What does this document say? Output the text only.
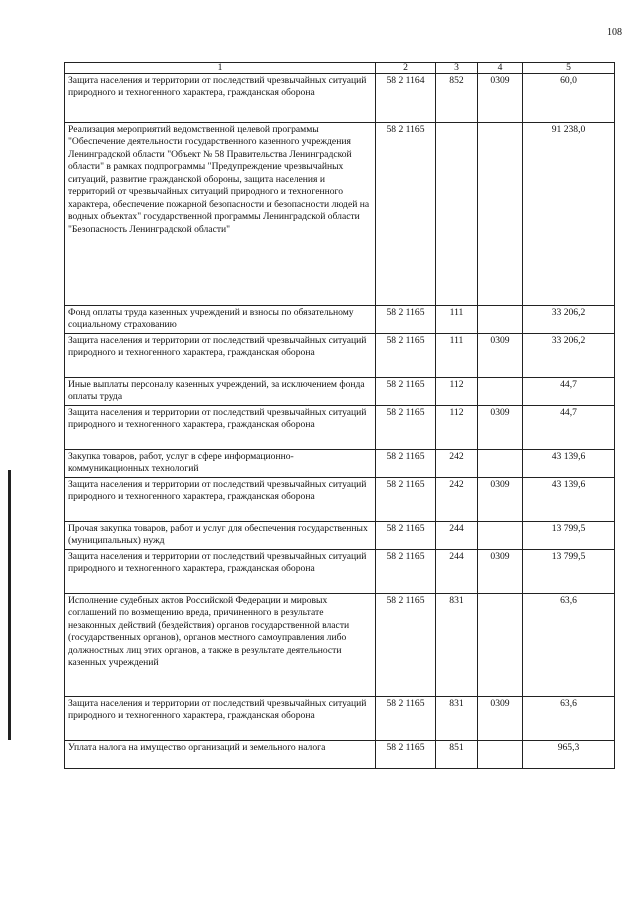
108
1	2	3	4	5
Защита населения и территории от последствий чрезвычайных ситуаций природного и техногенного характера, гражданская оборона	58 2 1164	852	0309	60,0
Реализация мероприятий ведомственной целевой программы "Обеспечение деятельности государственного казенного учреждения Ленинградской области "Объект № 58 Правительства Ленинградской области" в рамках подпрограммы "Предупреждение чрезвычайных ситуаций, развитие гражданской обороны, защита населения и территорий от чрезвычайных ситуаций природного и техногенного характера, обеспечение пожарной безопасности и безопасности людей на водных объектах" государственной программы Ленинградской области "Безопасность Ленинградской области"	58 2 1165			91 238,0
Фонд оплаты труда казенных учреждений и взносы по обязательному социальному страхованию	58 2 1165	111		33 206,2
Защита населения и территории от последствий чрезвычайных ситуаций природного и техногенного характера, гражданская оборона	58 2 1165	111	0309	33 206,2
Иные выплаты персоналу казенных учреждений, за исключением фонда оплаты труда	58 2 1165	112		44,7
Защита населения и территории от последствий чрезвычайных ситуаций природного и техногенного характера, гражданская оборона	58 2 1165	112	0309	44,7
Закупка товаров, работ, услуг в сфере информационно-коммуникационных технологий	58 2 1165	242		43 139,6
Защита населения и территории от последствий чрезвычайных ситуаций природного и техногенного характера, гражданская оборона	58 2 1165	242	0309	43 139,6
Прочая закупка товаров, работ и услуг для обеспечения государственных (муниципальных) нужд	58 2 1165	244		13 799,5
Защита населения и территории от последствий чрезвычайных ситуаций природного и техногенного характера, гражданская оборона	58 2 1165	244	0309	13 799,5
Исполнение судебных актов Российской Федерации и мировых соглашений по возмещению вреда, причиненного в результате незаконных действий (бездействия) органов государственной власти (государственных органов), органов местного самоуправления либо должностных лиц этих органов, а также в результате деятельности казенных учреждений	58 2 1165	831		63,6
Защита населения и территории от последствий чрезвычайных ситуаций природного и техногенного характера, гражданская оборона	58 2 1165	831	0309	63,6
Уплата налога на имущество организаций и земельного налога	58 2 1165	851		965,3
